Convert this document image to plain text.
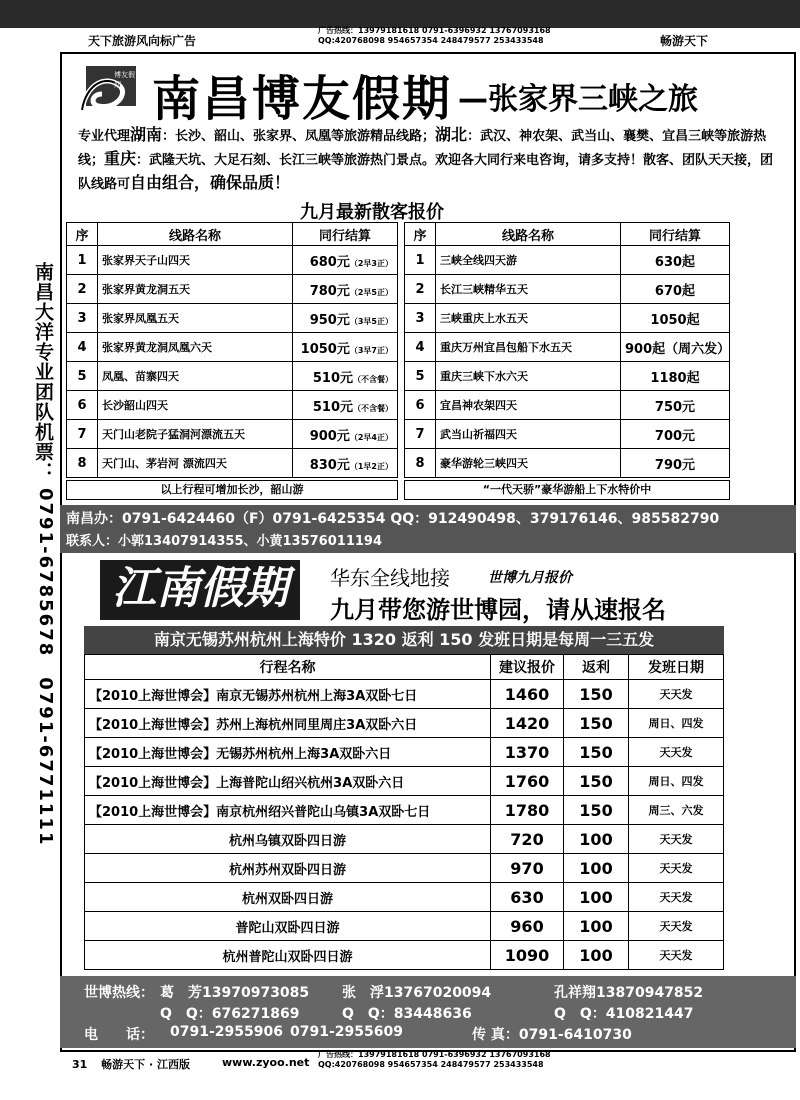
天下旅游风向标广告
广告热线：13979181618 0791-6396932 13767093168
QQ:420768098 954657354 248479577 253433548	畅游天下
南昌大洋专业团队机票：
0791-6785678　0791-6771111
博友假期 南昌博友假期 —张家界三峡之旅
专业代理湖南：长沙、韶山、张家界、凤凰等旅游精品线路；湖北：武汉、神农架、武当山、襄樊、宜昌三峡等旅游热线；重庆：武隆天坑、大足石刻、长江三峡等旅游热门景点。欢迎各大同行来电咨询，请多支持！散客、团队天天接，团队线路可自由组合，确保品质！
九月最新散客报价
序	线路名称	同行结算
1	张家界天子山四天	680元（2早3正）
2	张家界黄龙洞五天	780元（2早5正）
3	张家界凤凰五天	950元（3早5正）
4	张家界黄龙洞凤凰六天	1050元（3早7正）
5	凤凰、苗寨四天	510元（不含餐）
6	长沙韶山四天	510元（不含餐）
7	天门山老院子猛洞河漂流五天	900元（2早4正）
8	天门山、茅岩河 漂流四天	830元（1早2正）
以上行程可增加长沙，韶山游
序	线路名称	同行结算
1	三峡全线四天游	630起
2	长江三峡精华五天	670起
3	三峡重庆上水五天	1050起
4	重庆万州宜昌包船下水五天	900起（周六发）
5	重庆三峡下水六天	1180起
6	宜昌神农架四天	750元
7	武当山祈福四天	700元
8	豪华游轮三峡四天	790元
“一代天骄”豪华游船上下水特价中
南昌办：0791-6424460（F）0791-6425354 QQ：912490498、379176146、985582790
联系人：小郭13407914355、小黄13576011194
江南假期	华东全线地接	世博九月报价
九月带您游世博园，请从速报名
南京无锡苏州杭州上海特价 1320 返利 150 发班日期是每周一三五发
行程名称	建议报价	返利	发班日期
【2010上海世博会】南京无锡苏州杭州上海3A双卧七日	1460	150	天天发
【2010上海世博会】苏州上海杭州同里周庄3A双卧六日	1420	150	周日、四发
【2010上海世博会】无锡苏州杭州上海3A双卧六日	1370	150	天天发
【2010上海世博会】上海普陀山绍兴杭州3A双卧六日	1760	150	周日、四发
【2010上海世博会】南京杭州绍兴普陀山乌镇3A双卧七日	1780	150	周三、六发
杭州乌镇双卧四日游	720	100	天天发
杭州苏州双卧四日游	970	100	天天发
杭州双卧四日游	630	100	天天发
普陀山双卧四日游	960	100	天天发
杭州普陀山双卧四日游	1090	100	天天发
世博热线： 葛　芳13970973085 张　浮13767020094	孔祥翔13870947852
Q　Q：676271869	Q　Q：83448636	Q　Q：410821447
电　　话： 0791-2955906 0791-2955609	传 真：0791-6410730
31 畅游天下 · 江西版	www.zyoo.net
广告热线：13979181618 0791-6396932 13767093168
QQ:420768098 954657354 248479577 253433548
